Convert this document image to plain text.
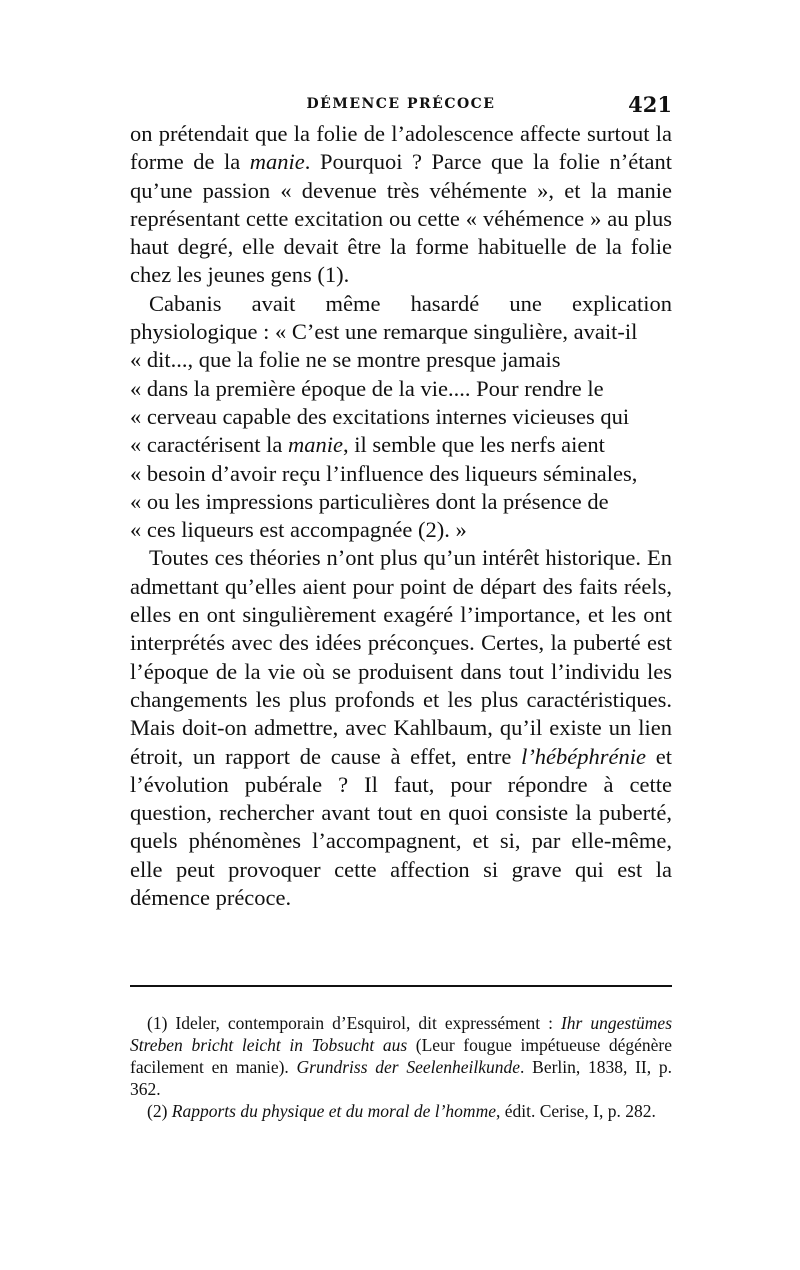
DÉMENCE PRÉCOCE	421

on prétendait que la folie de l’adolescence affecte surtout la forme de la manie. Pourquoi ? Parce que la folie n’étant qu’une passion « devenue très véhémente », et la manie représentant cette excitation ou cette « véhémence » au plus haut degré, elle devait être la forme habituelle de la folie chez les jeunes gens (1).

Cabanis avait même hasardé une explication physiologique : « C’est une remarque singulière, avait-il

« dit..., que la folie ne se montre presque jamais

« dans la première époque de la vie.... Pour rendre le

« cerveau capable des excitations internes vicieuses qui

« caractérisent la manie, il semble que les nerfs aient

« besoin d’avoir reçu l’influence des liqueurs séminales,

« ou les impressions particulières dont la présence de

« ces liqueurs est accompagnée (2). »

Toutes ces théories n’ont plus qu’un intérêt historique. En admettant qu’elles aient pour point de départ des faits réels, elles en ont singulièrement exagéré l’importance, et les ont interprétés avec des idées préconçues. Certes, la puberté est l’époque de la vie où se produisent dans tout l’individu les changements les plus profonds et les plus caractéristiques. Mais doit-on admettre, avec Kahlbaum, qu’il existe un lien étroit, un rapport de cause à effet, entre l’hébéphrénie et l’évolution pubérale ? Il faut, pour répondre à cette question, rechercher avant tout en quoi consiste la puberté, quels phénomènes l’accompagnent, et si, par elle-même, elle peut provoquer cette affection si grave qui est la démence précoce.

(1) Ideler, contemporain d’Esquirol, dit expressément : Ihr ungestümes Streben bricht leicht in Tobsucht aus (Leur fougue impétueuse dégénère facilement en manie). Grundriss der Seelenheilkunde. Berlin, 1838, II, p. 362.

(2) Rapports du physique et du moral de l’homme, édit. Cerise, I, p. 282.
